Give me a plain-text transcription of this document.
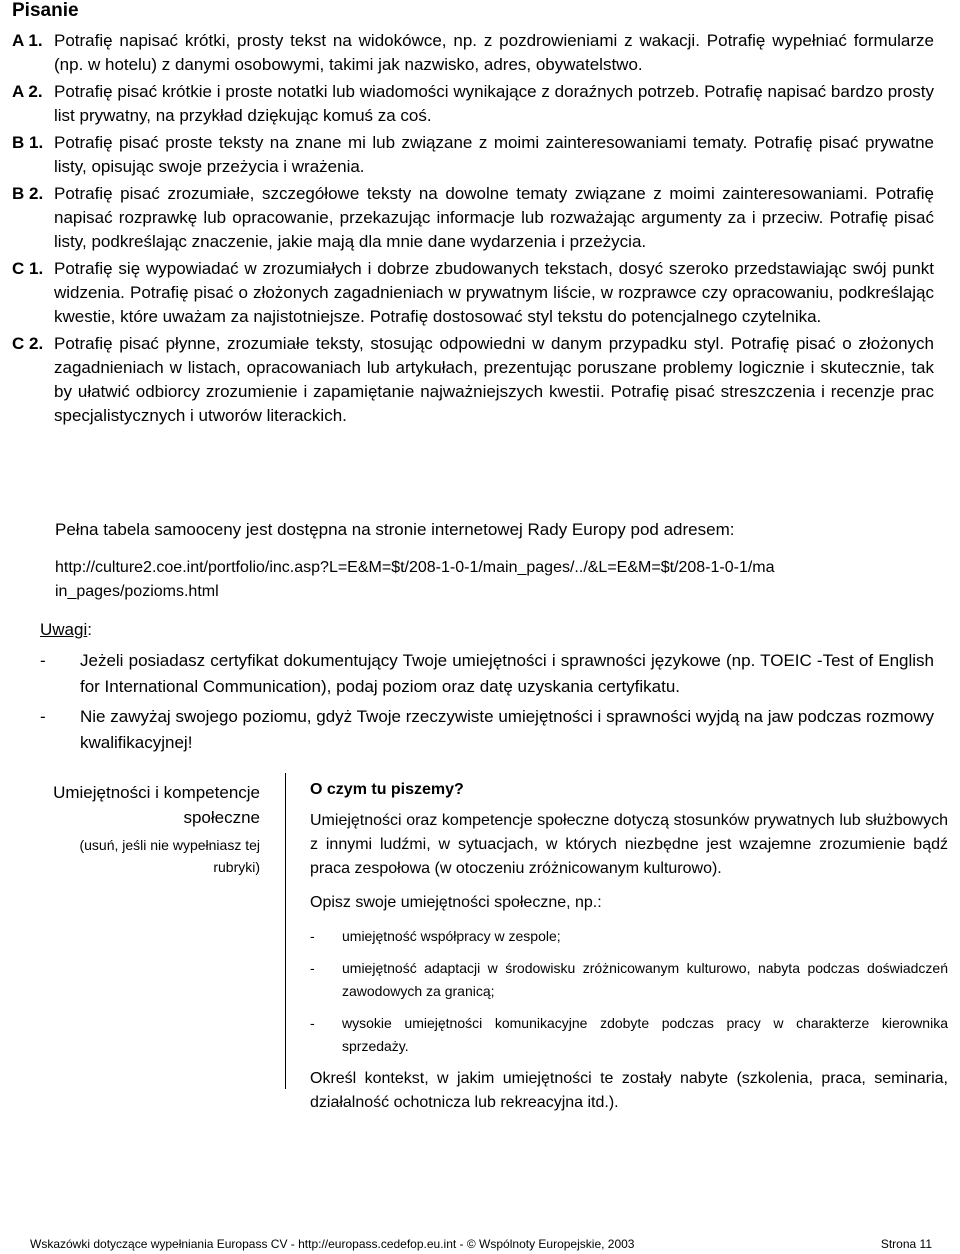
Pisanie
A 1. Potrafię napisać krótki, prosty tekst na widokówce, np. z pozdrowieniami z wakacji. Potrafię wypełniać formularze (np. w hotelu) z danymi osobowymi, takimi jak nazwisko, adres, obywatelstwo.
A 2. Potrafię pisać krótkie i proste notatki lub wiadomości wynikające z doraźnych potrzeb. Potrafię napisać bardzo prosty list prywatny, na przykład dziękując komuś za coś.
B 1. Potrafię pisać proste teksty na znane mi lub związane z moimi zainteresowaniami tematy. Potrafię pisać prywatne listy, opisując swoje przeżycia i wrażenia.
B 2. Potrafię pisać zrozumiałe, szczegółowe teksty na dowolne tematy związane z moimi zainteresowaniami. Potrafię napisać rozprawkę lub opracowanie, przekazując informacje lub rozważając argumenty za i przeciw. Potrafię pisać listy, podkreślając znaczenie, jakie mają dla mnie dane wydarzenia i przeżycia.
C 1. Potrafię się wypowiadać w zrozumiałych i dobrze zbudowanych tekstach, dosyć szeroko przedstawiając swój punkt widzenia. Potrafię pisać o złożonych zagadnieniach w prywatnym liście, w rozprawce czy opracowaniu, podkreślając kwestie, które uważam za najistotniejsze. Potrafię dostosować styl tekstu do potencjalnego czytelnika.
C 2. Potrafię pisać płynne, zrozumiałe teksty, stosując odpowiedni w danym przypadku styl. Potrafię pisać o złożonych zagadnieniach w listach, opracowaniach lub artykułach, prezentując poruszane problemy logicznie i skutecznie, tak by ułatwić odbiorcy zrozumienie i zapamiętanie najważniejszych kwestii. Potrafię pisać streszczenia i recenzje prac specjalistycznych i utworów literackich.
Pełna tabela samooceny jest dostępna na stronie internetowej Rady Europy pod adresem:
http://culture2.coe.int/portfolio/inc.asp?L=E&M=$t/208-1-0-1/main_pages/../&L=E&M=$t/208-1-0-1/main_pages/pozioms.html
Uwagi:
- Jeżeli posiadasz certyfikat dokumentujący Twoje umiejętności i sprawności językowe (np. TOEIC -Test of English for International Communication), podaj poziom oraz datę uzyskania certyfikatu.
- Nie zawyżaj swojego poziomu, gdyż Twoje rzeczywiste umiejętności i sprawności wyjdą na jaw podczas rozmowy kwalifikacyjnej!
Umiejętności i kompetencje społeczne
(usuń, jeśli nie wypełniasz tej rubryki)
O czym tu piszemy?
Umiejętności oraz kompetencje społeczne dotyczą stosunków prywatnych lub służbowych z innymi ludźmi, w sytuacjach, w których niezbędne jest wzajemne zrozumienie bądź praca zespołowa (w otoczeniu zróżnicowanym kulturowo).
Opisz swoje umiejętności społeczne, np.:
- umiejętność współpracy w zespole;
- umiejętność adaptacji w środowisku zróżnicowanym kulturowo, nabyta podczas doświadczeń zawodowych za granicą;
- wysokie umiejętności komunikacyjne zdobyte podczas pracy w charakterze kierownika sprzedaży.
Określ kontekst, w jakim umiejętności te zostały nabyte (szkolenia, praca, seminaria, działalność ochotnicza lub rekreacyjna itd.).
Wskazówki dotyczące wypełniania Europass CV - http://europass.cedefop.eu.int - © Wspólnoty Europejskie, 2003	Strona 11
